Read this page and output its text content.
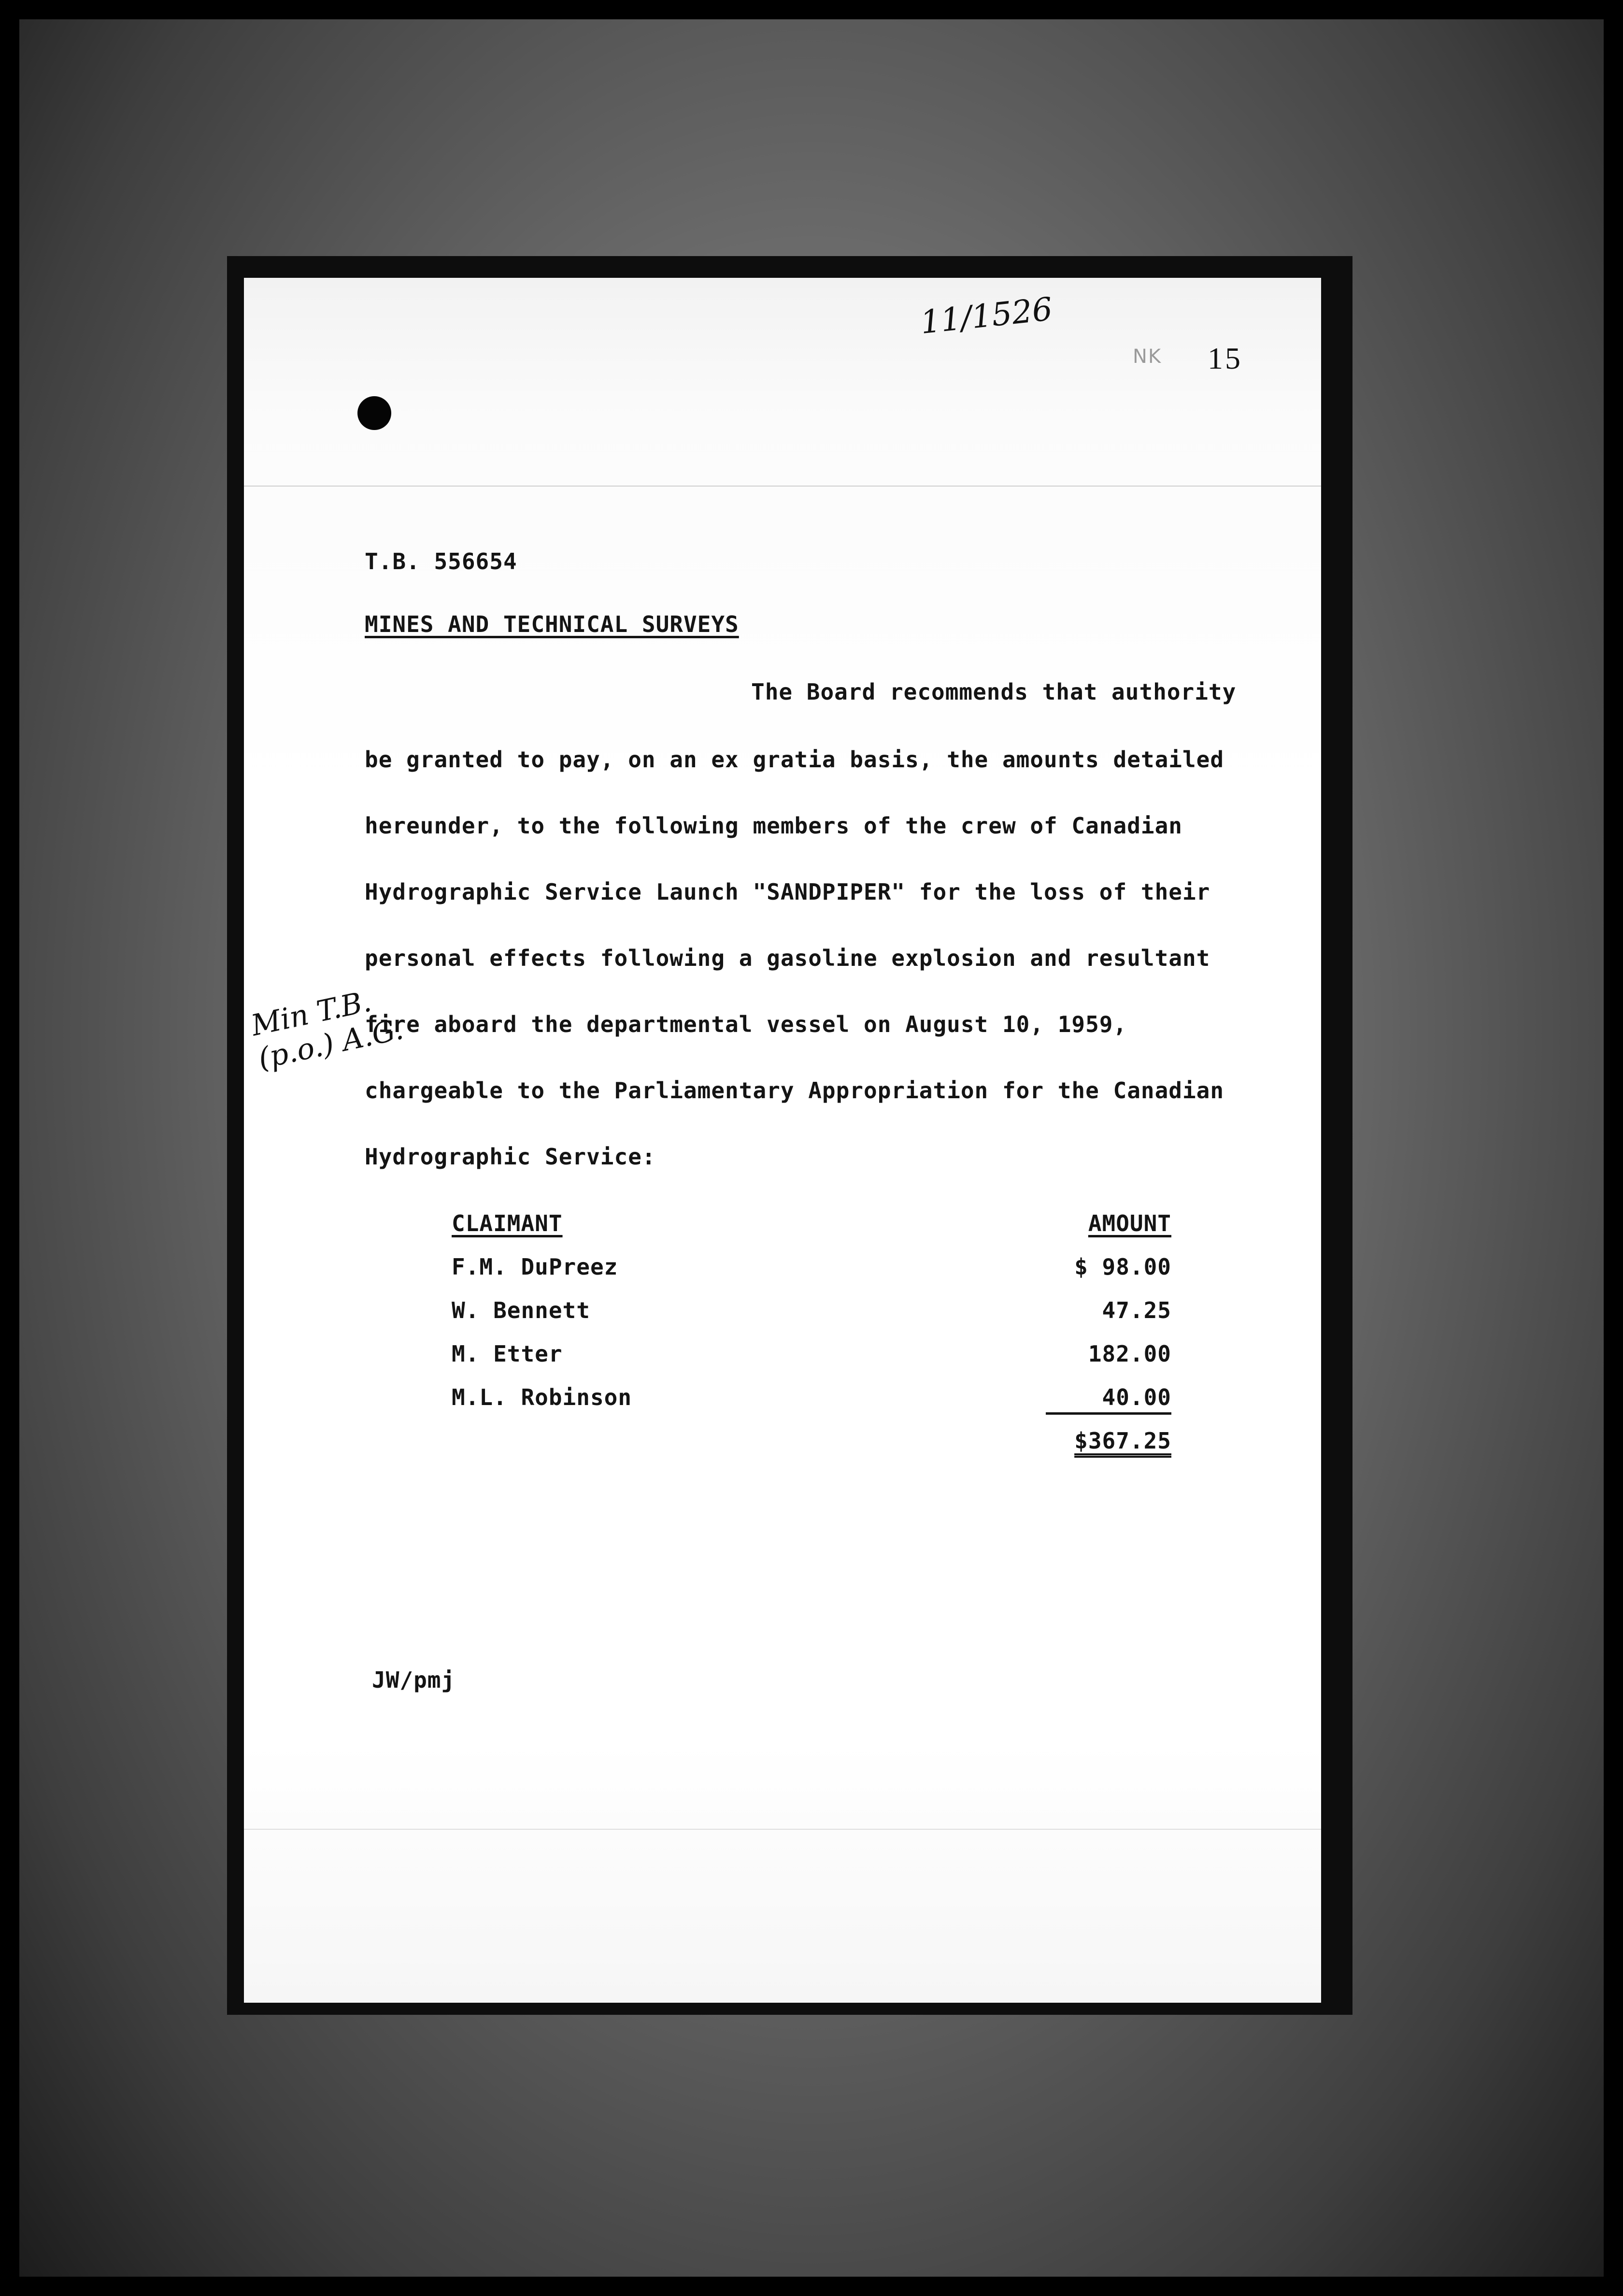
11/1526
NK 15
T.B. 556654
MINES AND TECHNICAL SURVEYS
The Board recommends that authority
be granted to pay, on an ex gratia basis, the amounts detailed
hereunder, to the following members of the crew of Canadian
Hydrographic Service Launch "SANDPIPER" for the loss of their
personal effects following a gasoline explosion and resultant
fire aboard the departmental vessel on August 10, 1959,
chargeable to the Parliamentary Appropriation for the Canadian
Hydrographic Service:
Min T.B. (p.o.) A.G.
CLAIMANT	AMOUNT
F.M. DuPreez	$ 98.00
W. Bennett	47.25
M. Etter	182.00
M.L. Robinson	40.00
$367.25
JW/pmj
